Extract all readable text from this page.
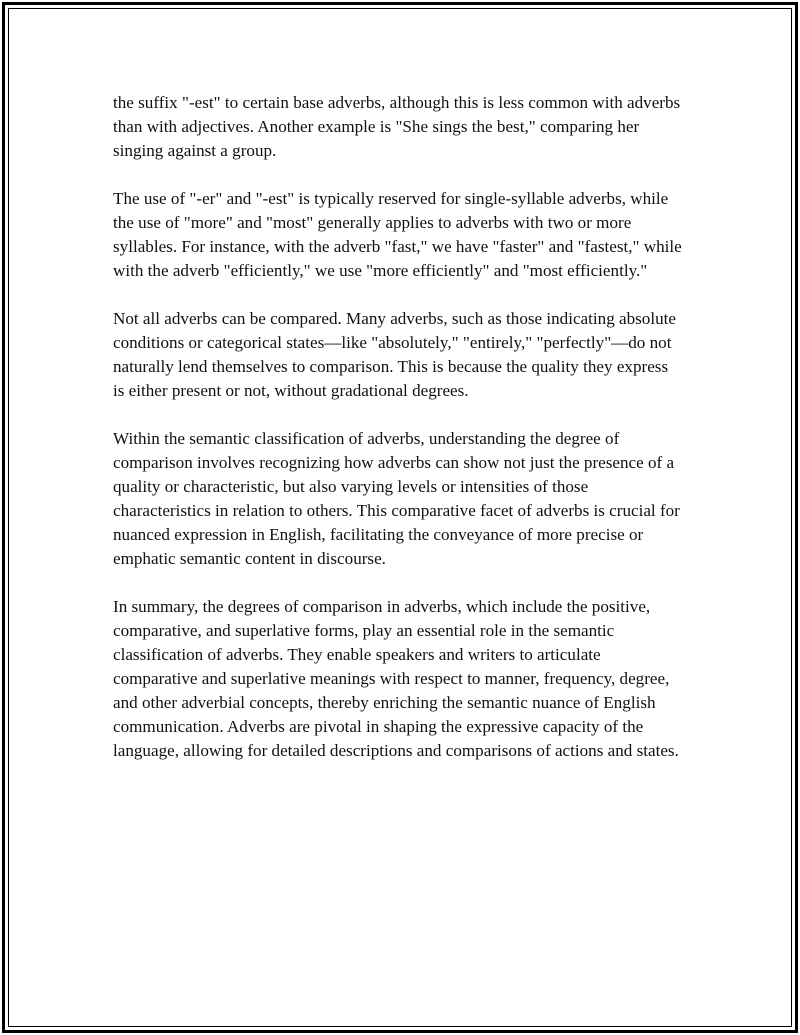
the suffix "-est" to certain base adverbs, although this is less common with adverbs than with adjectives. Another example is "She sings the best," comparing her singing against a group.

The use of "-er" and "-est" is typically reserved for single-syllable adverbs, while the use of "more" and "most" generally applies to adverbs with two or more syllables. For instance, with the adverb "fast," we have "faster" and "fastest," while with the adverb "efficiently," we use "more efficiently" and "most efficiently."

Not all adverbs can be compared. Many adverbs, such as those indicating absolute conditions or categorical states—like "absolutely," "entirely," "perfectly"—do not naturally lend themselves to comparison. This is because the quality they express is either present or not, without gradational degrees.

Within the semantic classification of adverbs, understanding the degree of comparison involves recognizing how adverbs can show not just the presence of a quality or characteristic, but also varying levels or intensities of those characteristics in relation to others. This comparative facet of adverbs is crucial for nuanced expression in English, facilitating the conveyance of more precise or emphatic semantic content in discourse.

In summary, the degrees of comparison in adverbs, which include the positive, comparative, and superlative forms, play an essential role in the semantic classification of adverbs. They enable speakers and writers to articulate comparative and superlative meanings with respect to manner, frequency, degree, and other adverbial concepts, thereby enriching the semantic nuance of English communication. Adverbs are pivotal in shaping the expressive capacity of the language, allowing for detailed descriptions and comparisons of actions and states.
